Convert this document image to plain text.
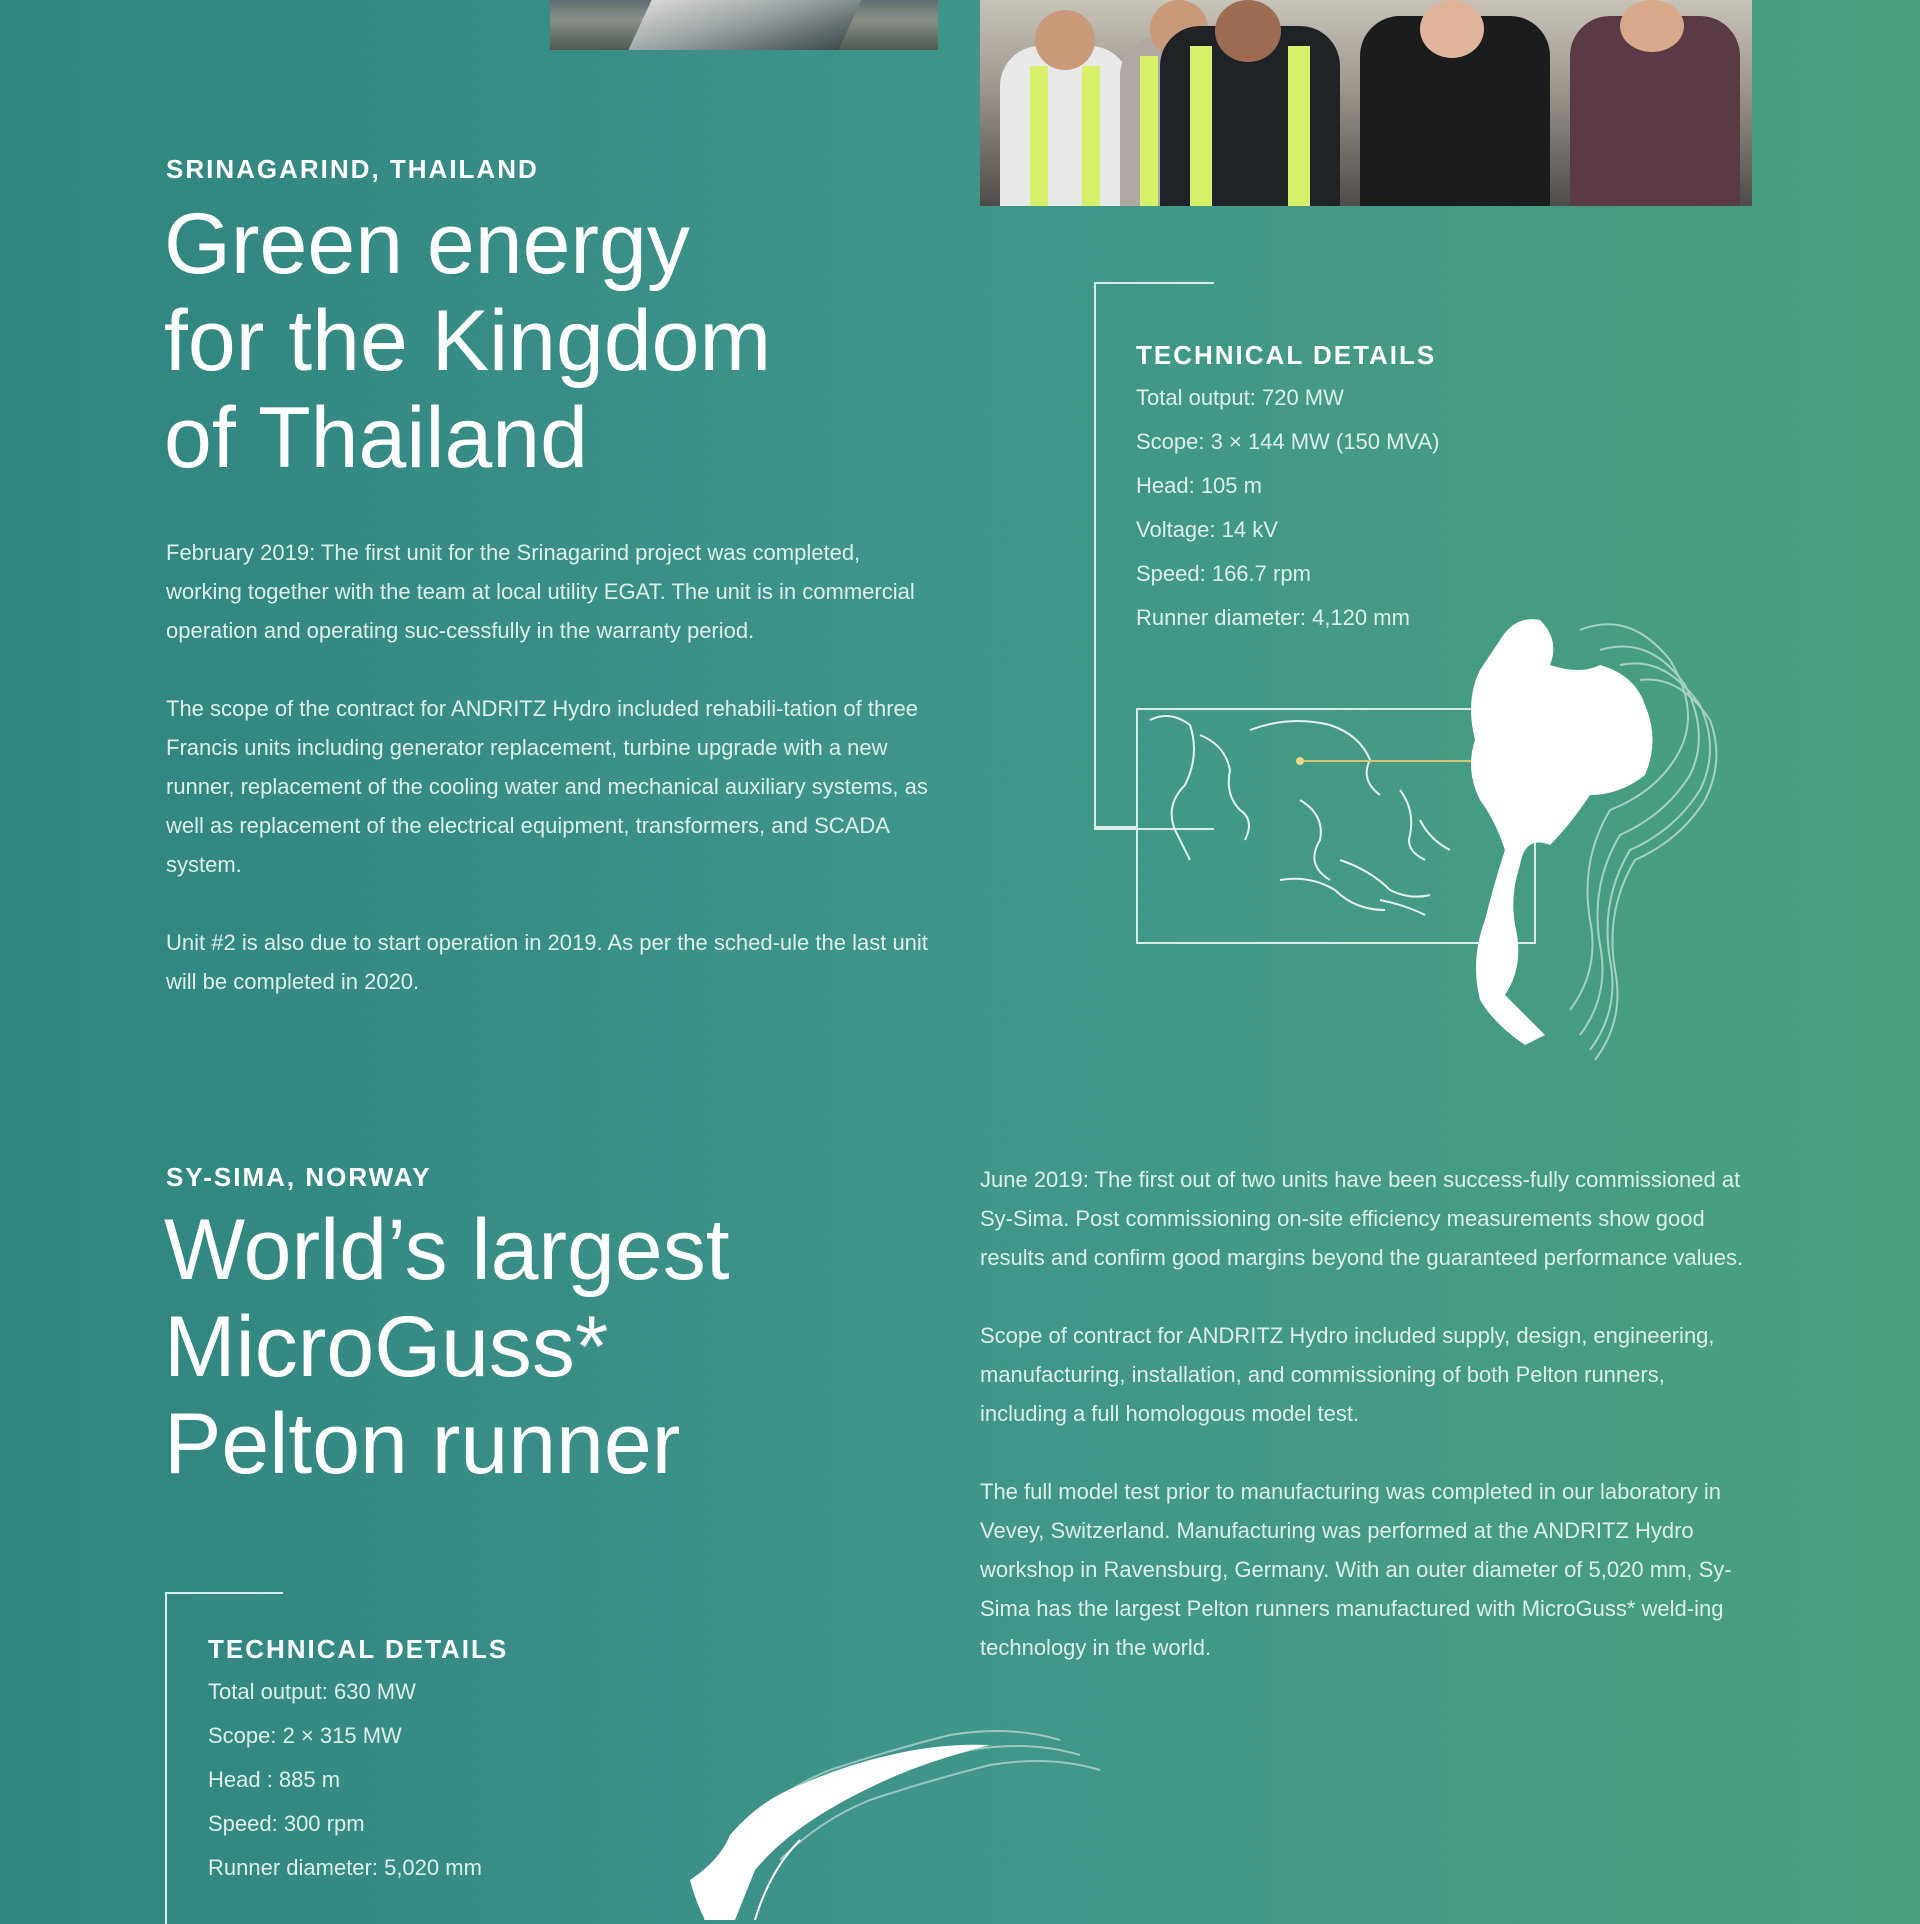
SRINAGARIND, THAILAND
Green energy
for the Kingdom
of Thailand

February 2019: The first unit for the Srinagarind project was completed, working together with the team at local utility EGAT. The unit is in commercial operation and operating suc-cessfully in the warranty period.

The scope of the contract for ANDRITZ Hydro included rehabili-tation of three Francis units including generator replacement, turbine upgrade with a new runner, replacement of the cooling water and mechanical auxiliary systems, as well as replacement of the electrical equipment, transformers, and SCADA system.

Unit #2 is also due to start operation in 2019. As per the sched-ule the last unit will be completed in 2020.

TECHNICAL DETAILS
Total output: 720 MW
Scope: 3 × 144 MW (150 MVA)
Head: 105 m
Voltage: 14 kV
Speed: 166.7 rpm
Runner diameter: 4,120 mm
SY-SIMA, NORWAY
World’s largest
MicroGuss*
Pelton runner

June 2019: The first out of two units have been success-fully commissioned at Sy-Sima. Post commissioning on-site efficiency measurements show good results and confirm good margins beyond the guaranteed performance values.

Scope of contract for ANDRITZ Hydro included supply, design, engineering, manufacturing, installation, and commissioning of both Pelton runners, including a full homologous model test.

The full model test prior to manufacturing was completed in our laboratory in Vevey, Switzerland. Manufacturing was performed at the ANDRITZ Hydro workshop in Ravensburg, Germany. With an outer diameter of 5,020 mm, Sy-Sima has the largest Pelton runners manufactured with MicroGuss* weld-ing technology in the world.

TECHNICAL DETAILS
Total output: 630 MW
Scope: 2 × 315 MW
Head : 885 m
Speed: 300 rpm
Runner diameter: 5,020 mm
